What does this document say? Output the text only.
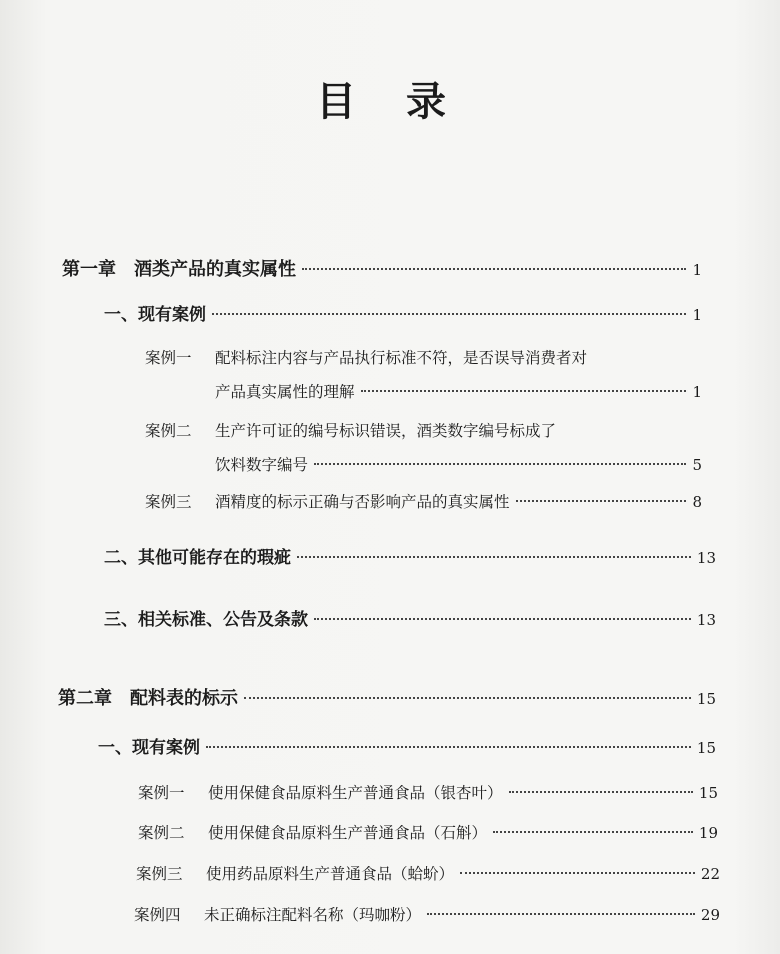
目 录
第一章　酒类产品的真实属性	1
一、现有案例	1
案例一 配料标注内容与产品执行标准不符，是否误导消费者对
产品真实属性的理解	1
案例二 生产许可证的编号标识错误，酒类数字编号标成了
饮料数字编号	5
案例三 酒精度的标示正确与否影响产品的真实属性	8
二、其他可能存在的瑕疵	13
三、相关标准、公告及条款	13
第二章　配料表的标示	15
一、现有案例	15
案例一 使用保健食品原料生产普通食品（银杏叶）	15
案例二 使用保健食品原料生产普通食品（石斛）	19
案例三 使用药品原料生产普通食品（蛤蚧）	22
案例四 未正确标注配料名称（玛咖粉）	29
